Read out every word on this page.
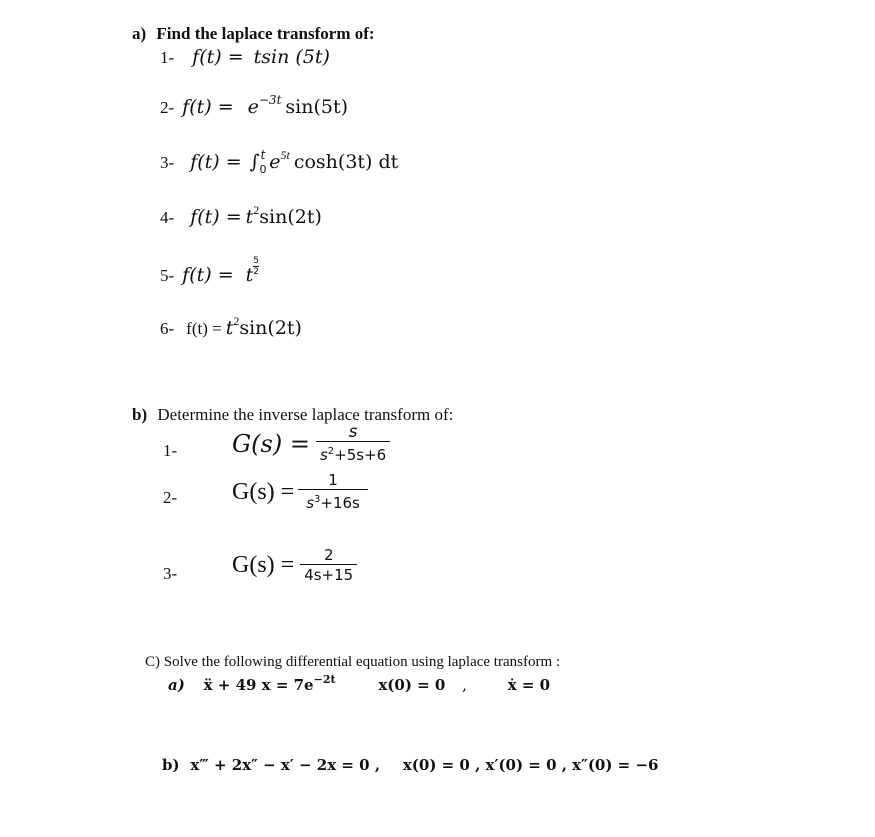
a) Find the laplace transform of:
1- f(t) = tsin (5t)
2- $f(t) = e^{-3t}$ sin(5t)
3- $f(t) = \int_0^t$ $e^{5t}$ cosh(3t) dt
4- $f(t) = t^2\sin(2t)$
5- f(t) = t $\frac{5}{2}$
6- $f(t) = t^2\sin(2t)$
b) Determine the inverse laplace transform of:
1- $G(s) = \frac{s}{s^2+5s+6}$
2- $G(s) = \frac{1}{s^3+16s}$
3- $G(s) = \frac{2}{4s+15}$
C) Solve the following differential equation using laplace transform :
a) ẍ + 49 $x = 7e^{-2t}$	x(0) = 0 ,	ẋ = 0
b) x‴ + 2x″ − x′ − 2x = 0 , x(0) = 0 , x′(0) = 0 , x″(0) = −6
